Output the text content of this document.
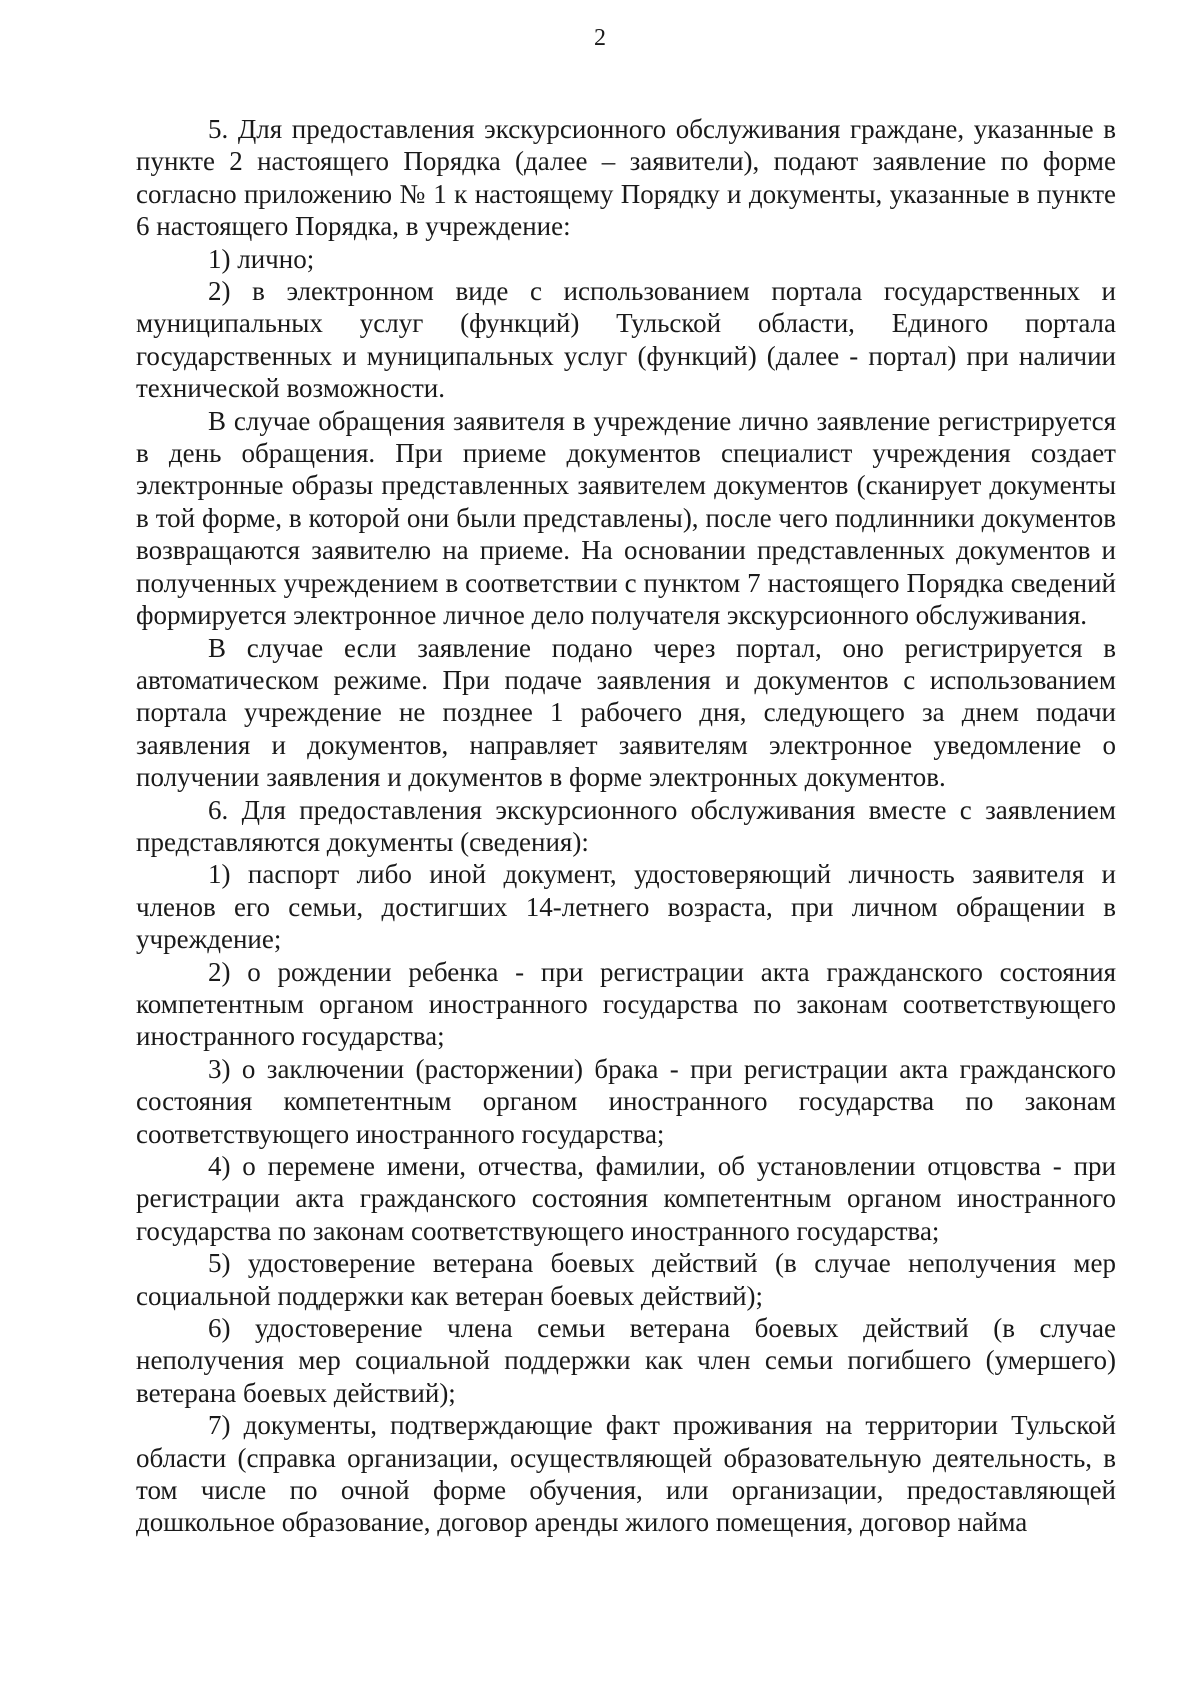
2

5. Для предоставления экскурсионного обслуживания граждане, указанные в пункте 2 настоящего Порядка (далее – заявители), подают заявление по форме согласно приложению № 1 к настоящему Порядку и документы, указанные в пункте 6 настоящего Порядка, в учреждение:

1) лично;

2) в электронном виде с использованием портала государственных и муниципальных услуг (функций) Тульской области, Единого портала государственных и муниципальных услуг (функций) (далее - портал) при наличии технической возможности.

В случае обращения заявителя в учреждение лично заявление регистрируется в день обращения. При приеме документов специалист учреждения создает электронные образы представленных заявителем документов (сканирует документы в той форме, в которой они были представлены), после чего подлинники документов возвращаются заявителю на приеме. На основании представленных документов и полученных учреждением в соответствии с пунктом 7 настоящего Порядка сведений формируется электронное личное дело получателя экскурсионного обслуживания.

В случае если заявление подано через портал, оно регистрируется в автоматическом режиме. При подаче заявления и документов с использованием портала учреждение не позднее 1 рабочего дня, следующего за днем подачи заявления и документов, направляет заявителям электронное уведомление о получении заявления и документов в форме электронных документов.

6. Для предоставления экскурсионного обслуживания вместе с заявлением представляются документы (сведения):

1) паспорт либо иной документ, удостоверяющий личность заявителя и членов его семьи, достигших 14-летнего возраста, при личном обращении в учреждение;

2) о рождении ребенка - при регистрации акта гражданского состояния компетентным органом иностранного государства по законам соответствующего иностранного государства;

3) о заключении (расторжении) брака - при регистрации акта гражданского состояния компетентным органом иностранного государства по законам соответствующего иностранного государства;

4) о перемене имени, отчества, фамилии, об установлении отцовства - при регистрации акта гражданского состояния компетентным органом иностранного государства по законам соответствующего иностранного государства;

5) удостоверение ветерана боевых действий (в случае неполучения мер социальной поддержки как ветеран боевых действий);

6) удостоверение члена семьи ветерана боевых действий (в случае неполучения мер социальной поддержки как член семьи погибшего (умершего) ветерана боевых действий);

7) документы, подтверждающие факт проживания на территории Тульской области (справка организации, осуществляющей образовательную деятельность, в том числе по очной форме обучения, или организации, предоставляющей дошкольное образование, договор аренды жилого помещения, договор найма
